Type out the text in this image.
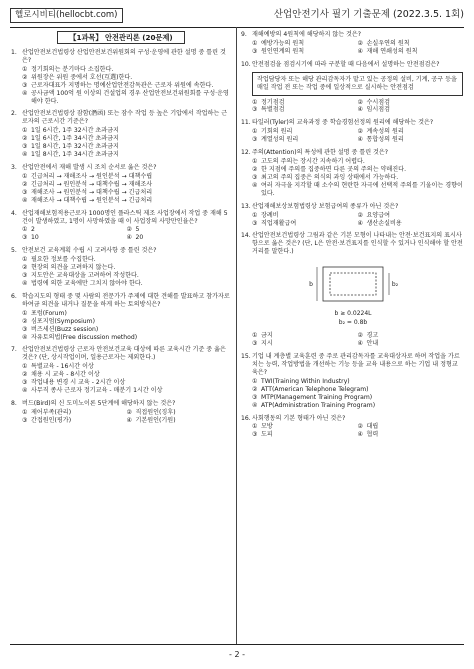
헬로시비티(hellocbt.com)	산업안전기사 필기 기출문제 (2022.3.5. 1회)
【1과목】 안전관리론 (20문제)
1. 산업안전보건법령상 산업안전보건위원회의 구성·운영에 관한 설명 중 틀린 것은?
① 정기회의는 분기마다 소집한다.
② 위원장은 위원 중에서 호선(互選)한다.
③ 근로자대표가 지명하는 명예산업안전감독관은 근로자 위원에 속한다.
④ 공사금액 100억 원 이상의 건설업의 경우 산업안전보건위원회를 구성·운영해야 한다.
2. 산업안전보건법령상 잠함(潛函) 또는 잠수 작업 등 높은 기압에서 작업하는 근로자의 근로시간 기준은?
① 1일 6시간, 1주 32시간 초과금지
② 1일 6시간, 1주 34시간 초과금지
③ 1일 8시간, 1주 32시간 초과금지
④ 1일 8시간, 1주 34시간 초과금지
3. 산업안전에서 재해 발생 시 조치 순서로 옳은 것은?
① 긴급처리 → 재해조사 → 원인분석 → 대책수립
② 긴급처리 → 원인분석 → 대책수립 → 재해조사
③ 재해조사 → 원인분석 → 대책수립 → 긴급처리
④ 재해조사 → 대책수립 → 원인분석 → 긴급처리
4. 산업재해보험적용근로자 1000명인 플라스틱 제조 사업장에서 작업 중 재해 5건이 발생하였고, 1명이 사망하였을 때 이 사업장의 사망만인율은?
① 2	② 5
③ 10	④ 20
5. 안전보건 교육계획 수립 시 고려사항 중 틀린 것은?
① 필요한 정보를 수집한다.
② 현장의 의견을 고려하지 않는다.
③ 지도안은 교육대상을 고려하여 작성한다.
④ 법령에 의한 교육에만 그치지 않아야 한다.
6. 학습지도의 형태 중 몇 사람의 전문가가 주제에 대한 견해를 발표하고 참가자로 하여금 의견을 내거나 질문을 하게 하는 토의방식은?
① 포럼(Forum)
② 심포지엄(Symposium)
③ 버즈세션(Buzz session)
④ 자유토의법(Free discussion method)
7. 산업안전보건법령상 근로자 안전보건교육 대상에 따른 교육시간 기준 중 옳은 것은? (단, 상시작업이며, 일용근로자는 제외한다.)
① 특별교육 - 16시간 이상
② 채용 시 교육 - 8시간 이상
③ 작업내용 변경 시 교육 - 2시간 이상
④ 사무직 종사 근로자 정기교육 - 매분기 1시간 이상
8. 버드(Bird)의 신 도미노이론 5단계에 해당하지 않는 것은?
① 제어부족(관리)	② 직접원인(징후)
③ 간접원인(평가)	④ 기본원인(기원)
9. 재해예방의 4원칙에 해당하지 않는 것은?
① 예방가능의 원칙	② 손실우연의 원칙
③ 원인연계의 원칙	④ 재해 연쇄성의 원칙
10. 안전점검을 점검시기에 따라 구분할 때 다음에서 설명하는 안전점검은?
작업담당자 또는 해당 관리감독자가 맡고 있는 공정의 설비, 기계, 공구 등을 매일 작업 전 또는 작업 중에 일상적으로 실시하는 안전점검
① 정기점검	② 수시점검
③ 특별점검	④ 임시점검
11. 타일러(Tyler)의 교육과정 중 학습경험선정의 원리에 해당하는 것은?
① 기회의 원리	② 계속성의 원리
③ 계열성의 원리	④ 통합성의 원리
12. 주의(Attention)의 특성에 관한 설명 중 틀린 것은?
① 고도의 주의는 장시간 지속하기 어렵다.
② 한 지점에 주의를 집중하면 다른 곳의 주의는 약해진다.
③ 최고의 주의 집중은 의식의 과잉 상태에서 가능하다.
④ 여러 자극을 지각할 때 소수의 현란한 자극에 선택적 주의를 기울이는 경향이 있다.
13. 산업재해보상보험법령상 보험급여의 종류가 아닌 것은?
① 장례비	② 요양급여
③ 직업재활급여	④ 생산손실비용
14. 산업안전보건법령상 그림과 같은 기본 모형이 나타내는 안전·보건표지의 표시사항으로 옳은 것은? (단, L은 안전·보건표지를 인식할 수 있거나 인식해야 할 안전거리를 말한다.)
b	b₂
b ≥ 0.0224L
b₂ = 0.8b
① 금지	② 경고
③ 지시	④ 안내
15. 기업 내 계층별 교육훈련 중 주로 관리감독자를 교육대상자로 하며 작업을 가르치는 능력, 작업방법을 개선하는 기능 등을 교육 내용으로 하는 기업 내 정형교육은?
① TWI(Training Within Industry)
② ATT(American Telephone Telegram)
③ MTP(Management Training Program)
④ ATP(Administration Training Program)
16. 사회행동의 기본 형태가 아닌 것은?
① 모방	② 대립
③ 도피	④ 협력
- 2 -
